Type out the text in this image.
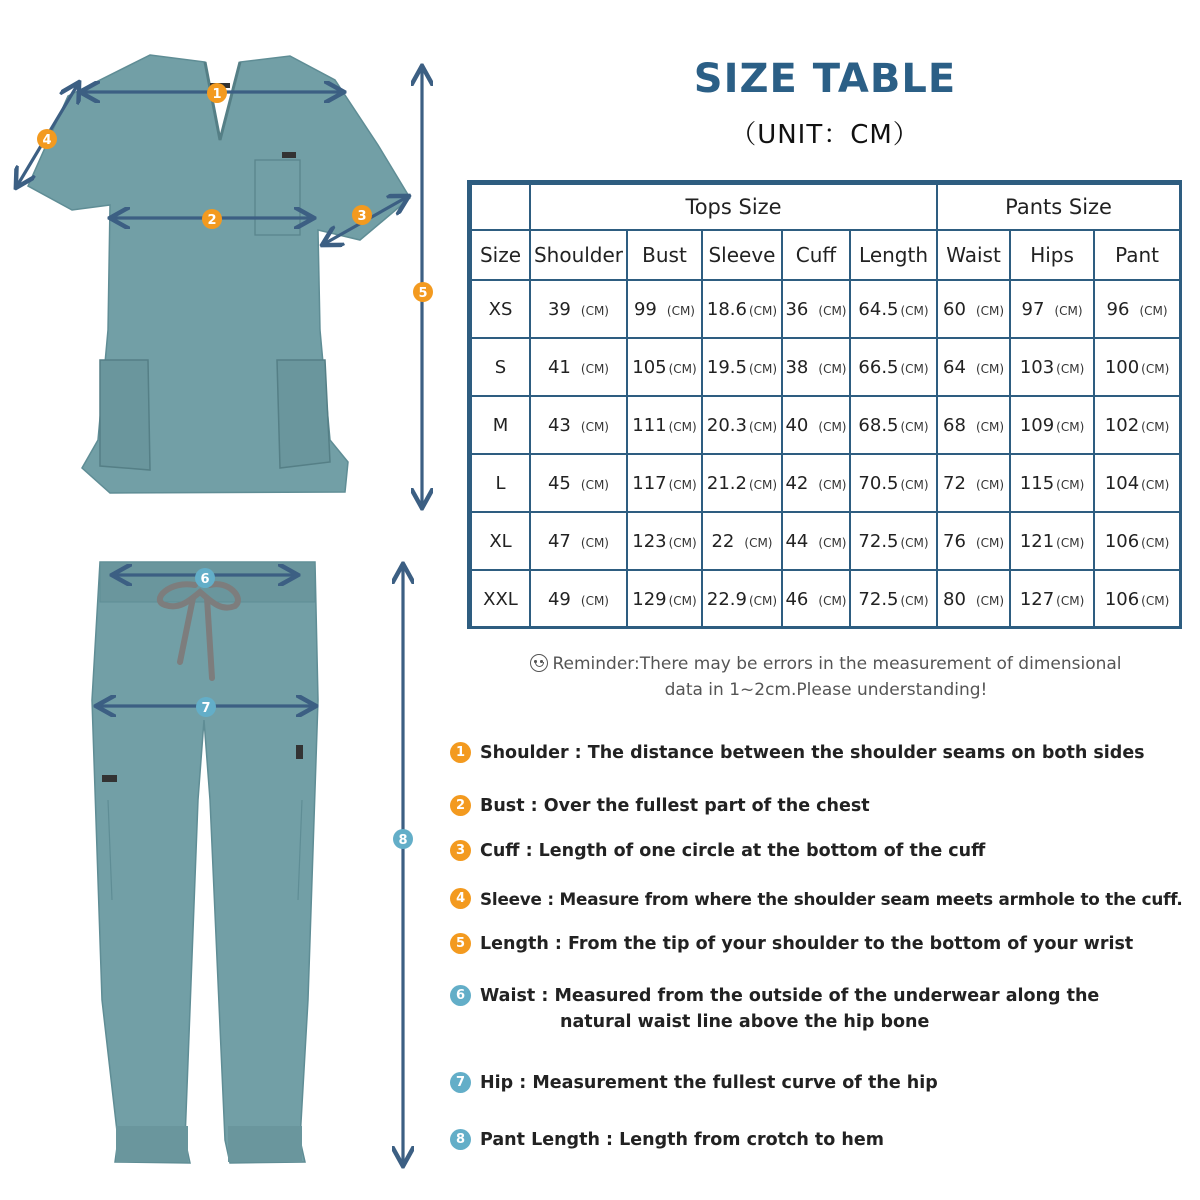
1
2	3
4
5
6
7
8
SIZE TABLE
（UNIT：CM）
	Tops Size					Pants Size		
Size	Shoulder	Bust	Sleeve	Cuff	Length	Waist	Hips	Pant
XS	39 (CM)	99 (CM)	18.6 (CM)	36 (CM)	64.5 (CM)	60 (CM)	97 (CM)	96 (CM)
S	41 (CM)	105 (CM)	19.5 (CM)	38 (CM)	66.5 (CM)	64 (CM)	103 (CM)	100 (CM)
M	43 (CM)	111 (CM)	20.3 (CM)	40 (CM)	68.5 (CM)	68 (CM)	109 (CM)	102 (CM)
L	45 (CM)	117 (CM)	21.2 (CM)	42 (CM)	70.5 (CM)	72 (CM)	115 (CM)	104 (CM)
XL	47 (CM)	123 (CM)	22 (CM)	44 (CM)	72.5 (CM)	76 (CM)	121 (CM)	106 (CM)
XXL	49 (CM)	129 (CM)	22.9 (CM)	46 (CM)	72.5 (CM)	80 (CM)	127 (CM)	106 (CM)
Reminder:There may be errors in the measurement of dimensional
data in 1~2cm.Please understanding!
1 Shoulder : The distance between the shoulder seams on both sides
2 Bust : Over the fullest part of the chest
3 Cuff : Length of one circle at the bottom of the cuff
4 Sleeve : Measure from where the shoulder seam meets armhole to the cuff.
5 Length : From the tip of your shoulder to the bottom of your wrist
6 Waist : Measured from the outside of the underwear along the
natural waist line above the hip bone
7 Hip : Measurement the fullest curve of the hip
8 Pant Length : Length from crotch to hem
